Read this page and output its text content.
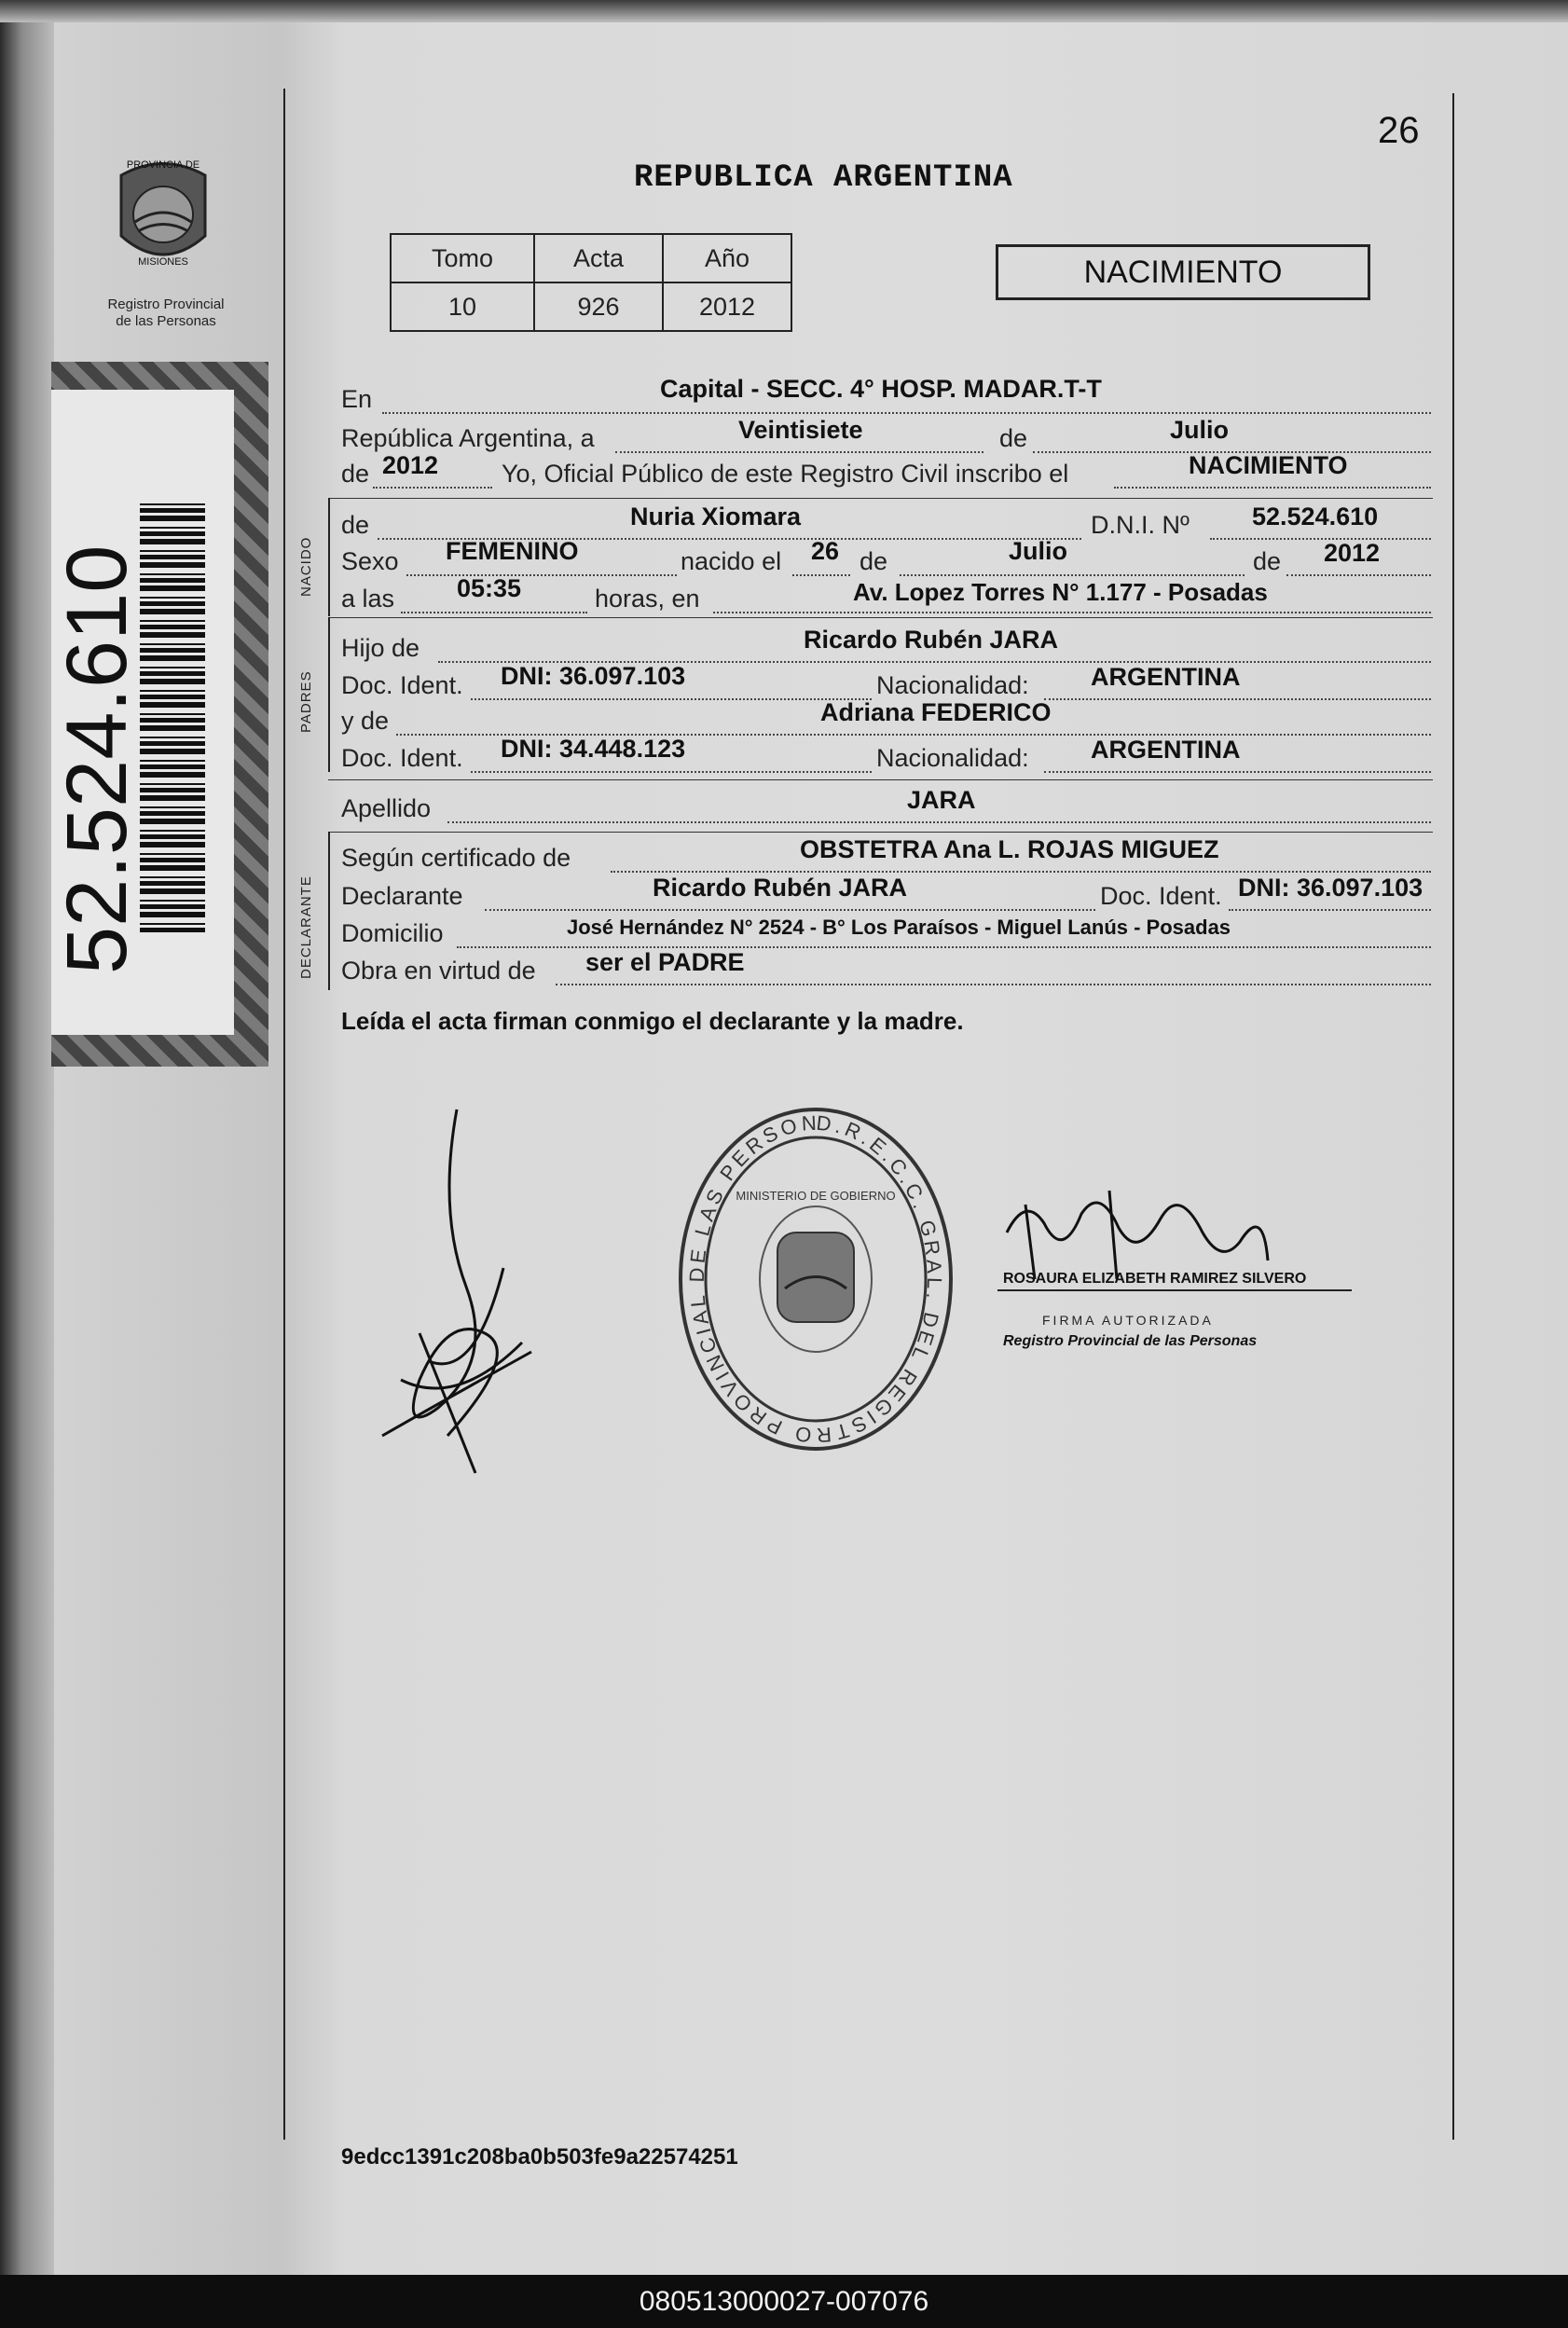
PROVINCIA DE
MISIONES
Registro Provincial
de las Personas
52.524.610
26
REPUBLICA ARGENTINA
Tomo	Acta	Año
10	926	2012
NACIMIENTO
En	Capital - SECC. 4° HOSP. MADAR.T-T
República Argentina, a	Veintisiete	de	Julio
de 2012	Yo, Oficial Público de este Registro Civil inscribo el	NACIMIENTO
NACIDO
de	Nuria Xiomara	D.N.I. Nº 52.524.610
Sexo FEMENINO	nacido el 26 de	Julio	de 2012
a las 05:35	horas, en	Av. Lopez Torres N° 1.177 - Posadas
PADRES
Hijo de	Ricardo Rubén JARA
Doc. Ident. DNI: 36.097.103	Nacionalidad: ARGENTINA
y de	Adriana FEDERICO
Doc. Ident. DNI: 34.448.123	Nacionalidad: ARGENTINA
Apellido	JARA
DECLARANTE
Según certificado de	OBSTETRA Ana L. ROJAS MIGUEZ
Declarante	Ricardo Rubén JARA	Doc. Ident. DNI: 36.097.103
Domicilio	José Hernández N° 2524 - B° Los Paraísos - Miguel Lanús - Posadas
Obra en virtud de ser el PADRE
Leída el acta firman conmigo el declarante y la madre.
D.R.E.C.C. GRAL. DEL REGISTRO PROVINCIAL DE LAS PERSON
MINISTERIO DE GOBIERNO
ROSAURA ELIZABETH RAMIREZ SILVERO
FIRMA AUTORIZADA
Registro Provincial de las Personas
9edcc1391c208ba0b503fe9a22574251
080513000027-007076
